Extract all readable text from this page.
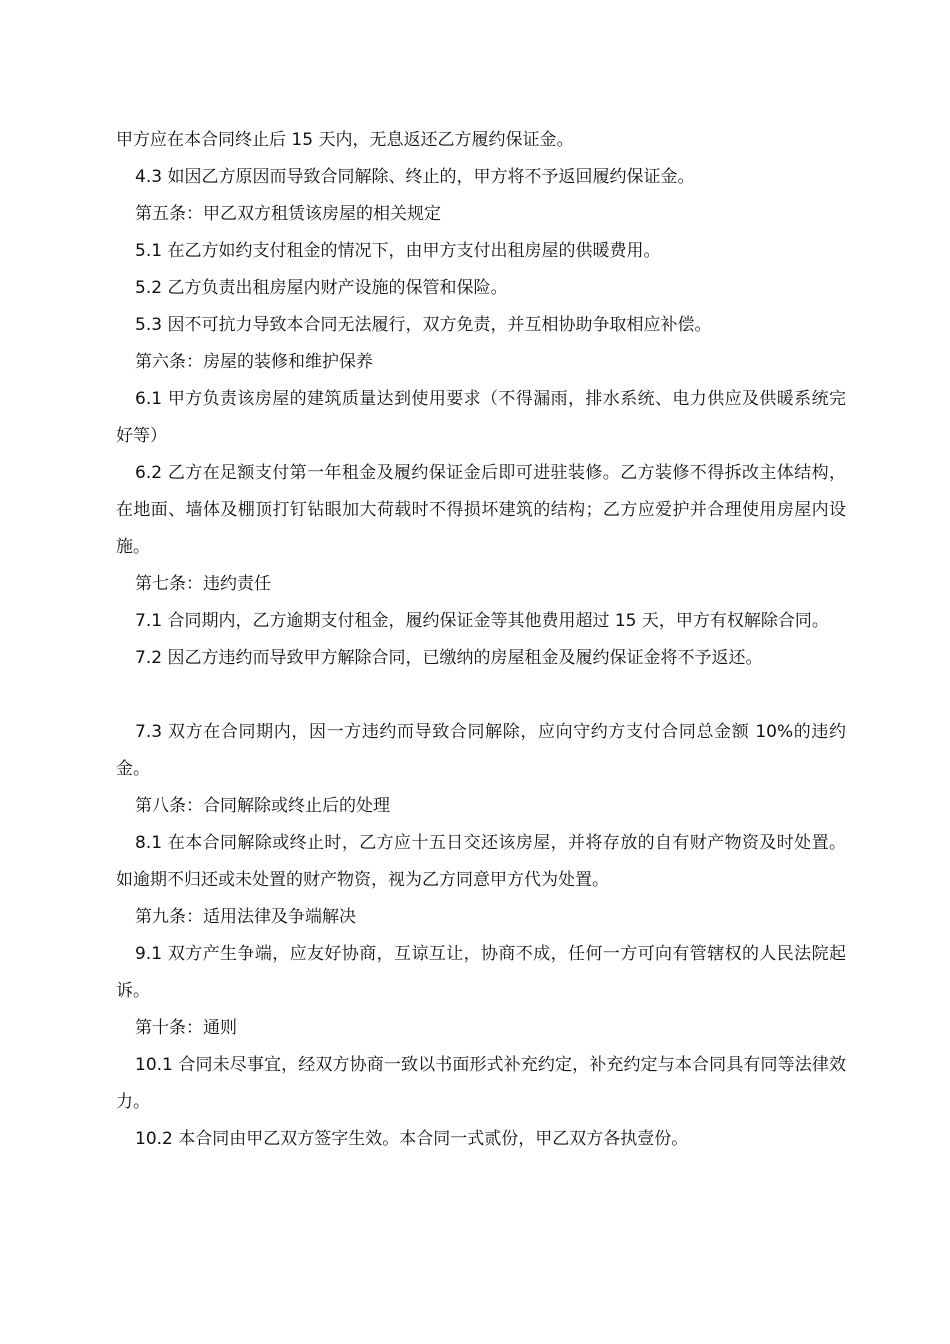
甲方应在本合同终止后 15 天内，无息返还乙方履约保证金。

4.3 如因乙方原因而导致合同解除、终止的，甲方将不予返回履约保证金。

第五条：甲乙双方租赁该房屋的相关规定

5.1 在乙方如约支付租金的情况下，由甲方支付出租房屋的供暖费用。

5.2 乙方负责出租房屋内财产设施的保管和保险。

5.3 因不可抗力导致本合同无法履行，双方免责，并互相协助争取相应补偿。

第六条：房屋的装修和维护保养

6.1 甲方负责该房屋的建筑质量达到使用要求（不得漏雨，排水系统、电力供应及供暖系统完好等）

6.2 乙方在足额支付第一年租金及履约保证金后即可进驻装修。乙方装修不得拆改主体结构，在地面、墙体及棚顶打钉钻眼加大荷载时不得损坏建筑的结构；乙方应爱护并合理使用房屋内设施。

第七条：违约责任

7.1 合同期内，乙方逾期支付租金，履约保证金等其他费用超过 15 天，甲方有权解除合同。

7.2 因乙方违约而导致甲方解除合同，已缴纳的房屋租金及履约保证金将不予返还。

7.3 双方在合同期内，因一方违约而导致合同解除，应向守约方支付合同总金额 10%的违约金。

第八条：合同解除或终止后的处理

8.1 在本合同解除或终止时，乙方应十五日交还该房屋，并将存放的自有财产物资及时处置。如逾期不归还或未处置的财产物资，视为乙方同意甲方代为处置。

第九条：适用法律及争端解决

9.1 双方产生争端，应友好协商，互谅互让，协商不成，任何一方可向有管辖权的人民法院起诉。

第十条：通则

10.1 合同未尽事宜，经双方协商一致以书面形式补充约定，补充约定与本合同具有同等法律效力。

10.2 本合同由甲乙双方签字生效。本合同一式贰份，甲乙双方各执壹份。
